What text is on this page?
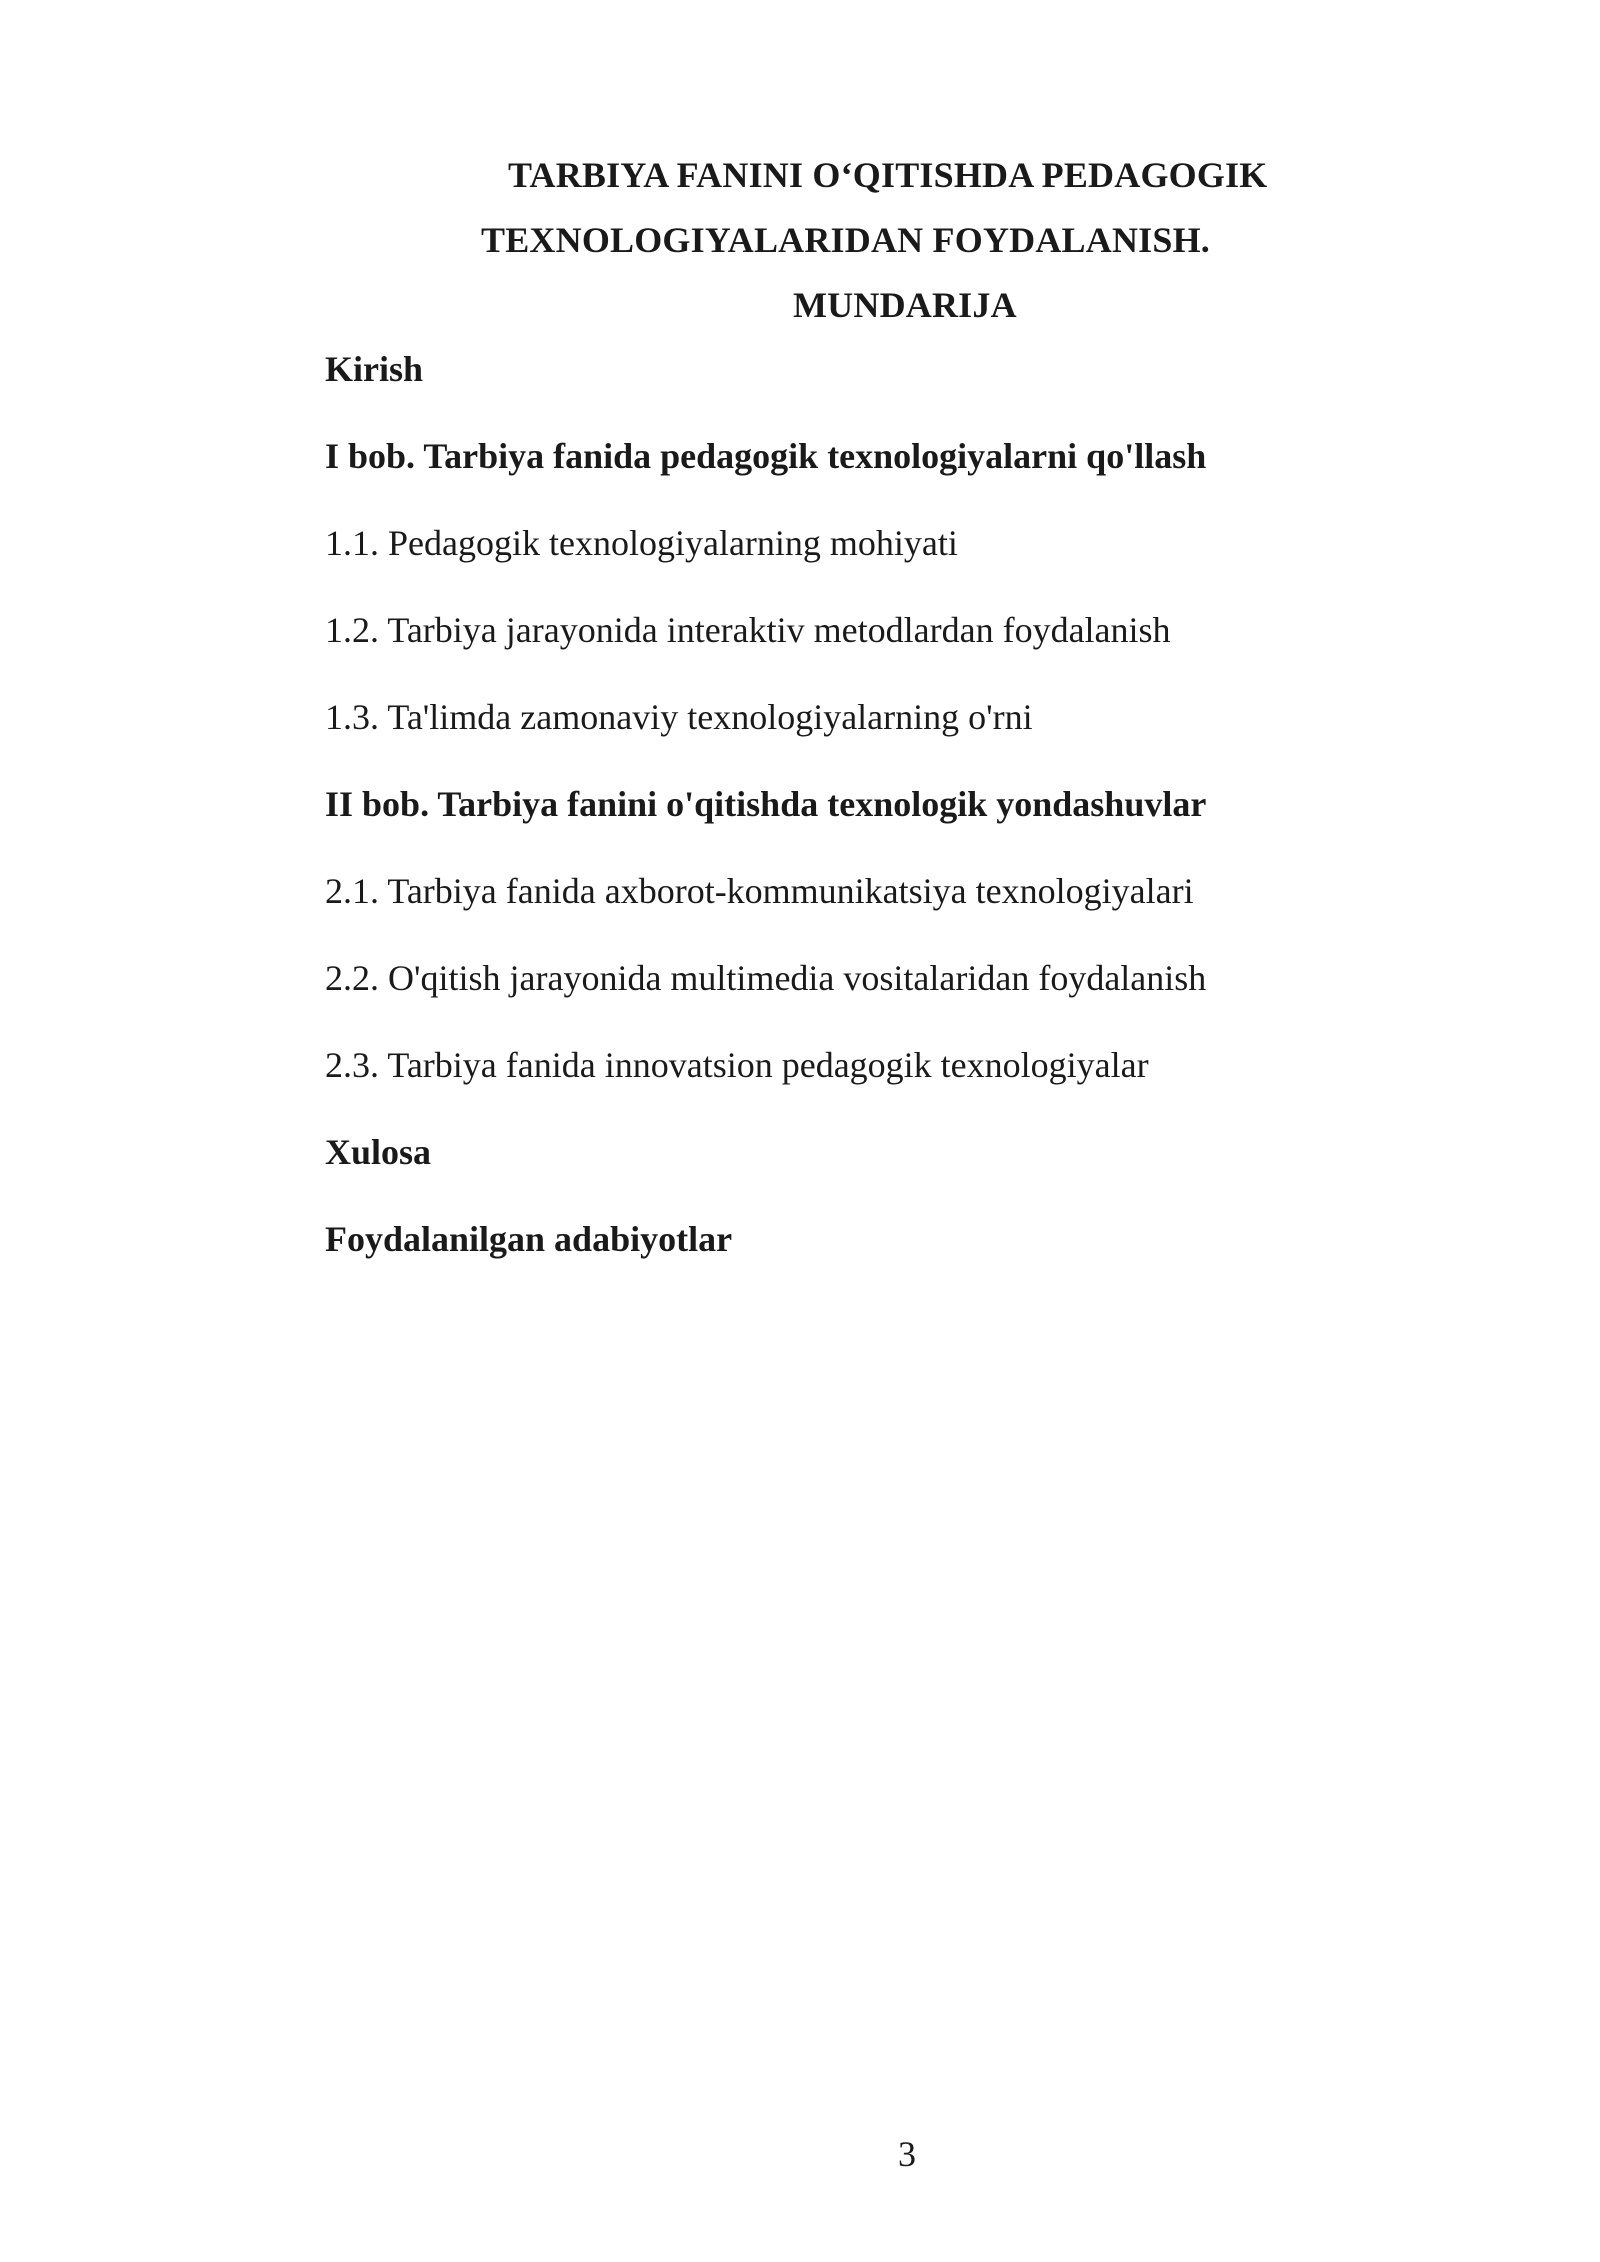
TARBIYA FANINI O‘QITISHDA PEDAGOGIK
TEXNOLOGIYALARIDAN FOYDALANISH.
MUNDARIJA
Kirish
I bob. Tarbiya fanida pedagogik texnologiyalarni qo'llash
1.1. Pedagogik texnologiyalarning mohiyati
1.2. Tarbiya jarayonida interaktiv metodlardan foydalanish
1.3. Ta'limda zamonaviy texnologiyalarning o'rni
II bob. Tarbiya fanini o'qitishda texnologik yondashuvlar
2.1. Tarbiya fanida axborot-kommunikatsiya texnologiyalari
2.2. O'qitish jarayonida multimedia vositalaridan foydalanish
2.3. Tarbiya fanida innovatsion pedagogik texnologiyalar
Xulosa
Foydalanilgan adabiyotlar
3
